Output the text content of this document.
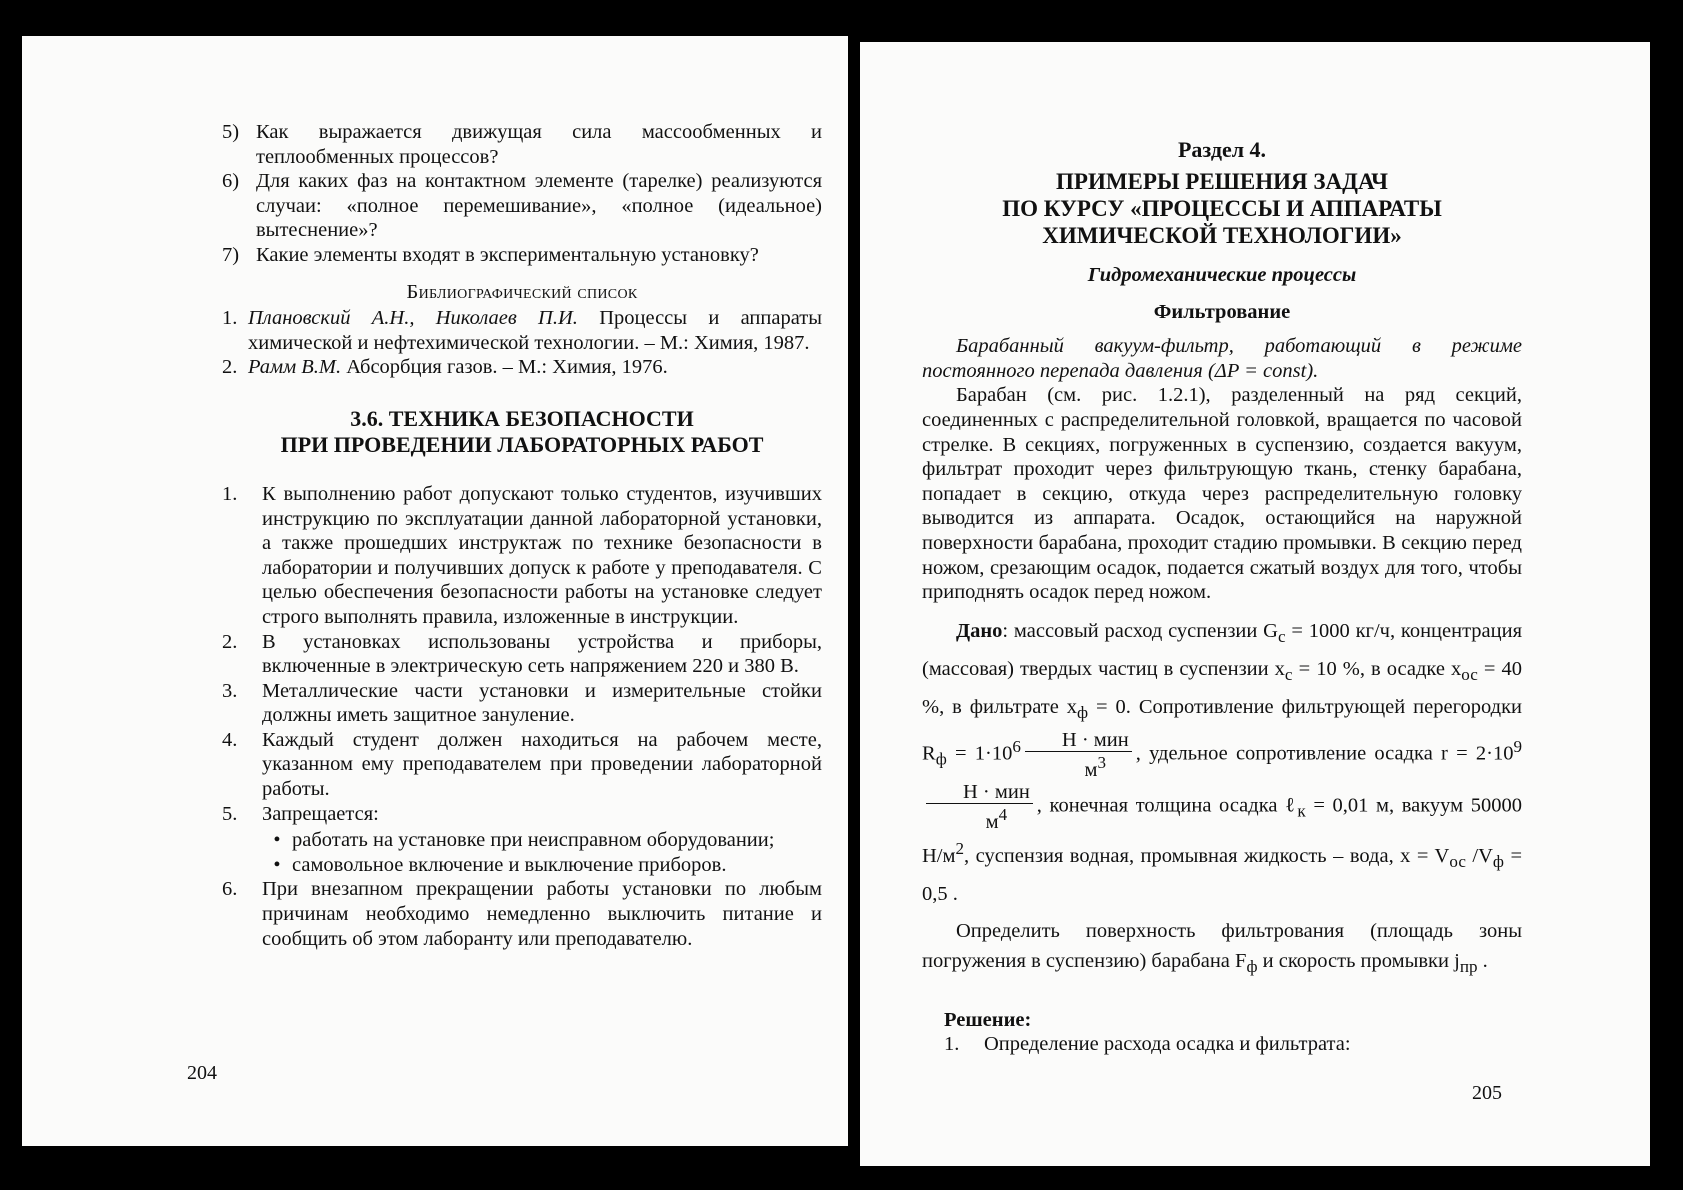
5) Как выражается движущая сила массообменных и теплообменных процессов?
6) Для каких фаз на контактном элементе (тарелке) реализуются случаи: «полное перемешивание», «полное (идеальное) вытеснение»?
7) Какие элементы входят в экспериментальную установку?
Библиографический список
1. Плановский А.Н., Николаев П.И. Процессы и аппараты химической и нефтехимической технологии. – М.: Химия, 1987.
2. Рамм В.М. Абсорбция газов. – М.: Химия, 1976.
3.6. ТЕХНИКА БЕЗОПАСНОСТИ
ПРИ ПРОВЕДЕНИИ ЛАБОРАТОРНЫХ РАБОТ
1.	К выполнению работ допускают только студентов, изучивших инструкцию по эксплуатации данной лабораторной установки, а также прошедших инструктаж по технике безопасности в лаборатории и получивших допуск к работе у преподавателя. С целью обеспечения безопасности работы на установке следует строго выполнять правила, изложенные в инструкции.
2.	В установках использованы устройства и приборы, включенные в электрическую сеть напряжением 220 и 380 В.
3.	Металлические части установки и измерительные стойки должны иметь защитное зануление.
4.	Каждый студент должен находиться на рабочем месте, указанном ему преподавателем при проведении лабораторной работы.
5.	Запрещается:
• работать на установке при неисправном оборудовании;
• самовольное включение и выключение приборов.
6.	При внезапном прекращении работы установки по любым причинам необходимо немедленно выключить питание и сообщить об этом лаборанту или преподавателю.
204
Раздел 4.
ПРИМЕРЫ РЕШЕНИЯ ЗАДАЧ
ПО КУРСУ «ПРОЦЕССЫ И АППАРАТЫ
ХИМИЧЕСКОЙ ТЕХНОЛОГИИ»
Гидромеханические процессы
Фильтрование

Барабанный вакуум-фильтр, работающий в режиме постоянного перепада давления (ΔP = const).

Барабан (см. рис. 1.2.1), разделенный на ряд секций, соединенных с распределительной головкой, вращается по часовой стрелке. В секциях, погруженных в суспензию, создается вакуум, фильтрат проходит через фильтрующую ткань, стенку барабана, попадает в секцию, откуда через распределительную головку выводится из аппарата. Осадок, остающийся на наружной поверхности барабана, проходит стадию промывки. В секцию перед ножом, срезающим осадок, подается сжатый воздух для того, чтобы приподнять осадок перед ножом.

Дано: массовый расход суспензии $G_с = 1000$ кг/ч, концентрация (массовая) твердых частиц в суспензии $x_с = 10$ %, в осадке $x_{ос} = 40$ %, в фильтрате $x_ф = 0$. Сопротивление фильтрующей перегородки $R_ф = 1\cdot 10^6 \frac{\text{Н · мин}}{м^3}$ , удельное сопротивление осадка $r = 2\cdot 10^9$
$\frac{\text{Н · мин}}{м^4}$ , конечная толщина осадка ℓ$_к$ = 0,01 м, вакуум 50000 $Н/м^2$, суспензия водная, промывная жидкость – вода, $x = V_{ос}$ $/V_ф = 0,5$ .

Определить поверхность фильтрования (площадь зоны погружения в суспензию) барабана $F_ф$ и скорость промывки $j_{пр}$ .

Решение:
1.	Определение расхода осадка и фильтрата:
205
